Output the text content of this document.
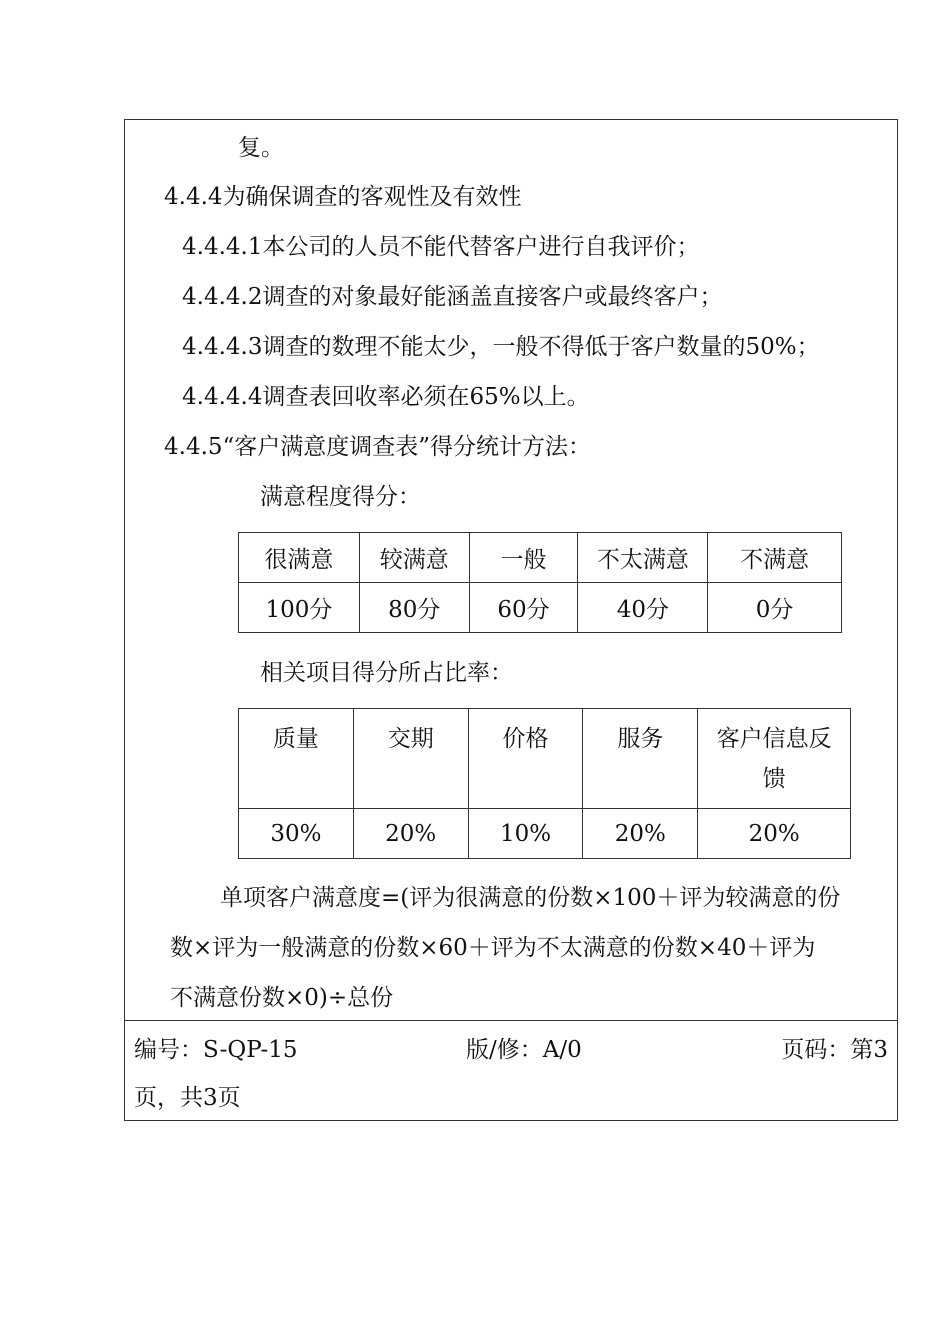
复。
4.4.4为确保调查的客观性及有效性
4.4.4.1本公司的人员不能代替客户进行自我评价；
4.4.4.2调查的对象最好能涵盖直接客户或最终客户；
4.4.4.3调查的数理不能太少，一般不得低于客户数量的50%；
4.4.4.4调查表回收率必须在65%以上。
4.4.5“客户满意度调查表”得分统计方法：
满意程度得分：
很满意	较满意	一般	不太满意	不满意
100分	80分	60分	40分	0分
相关项目得分所占比率：
质量	交期	价格	服务	客户信息反馈
30%	20%	10%	20%	20%
单项客户满意度=(评为很满意的份数×100＋评为较满意的份
数×评为一般满意的份数×60＋评为不太满意的份数×40＋评为
不满意份数×0)÷总份
编号：S-QP-15	版/修：A/0	页码：第3
页，共3页
